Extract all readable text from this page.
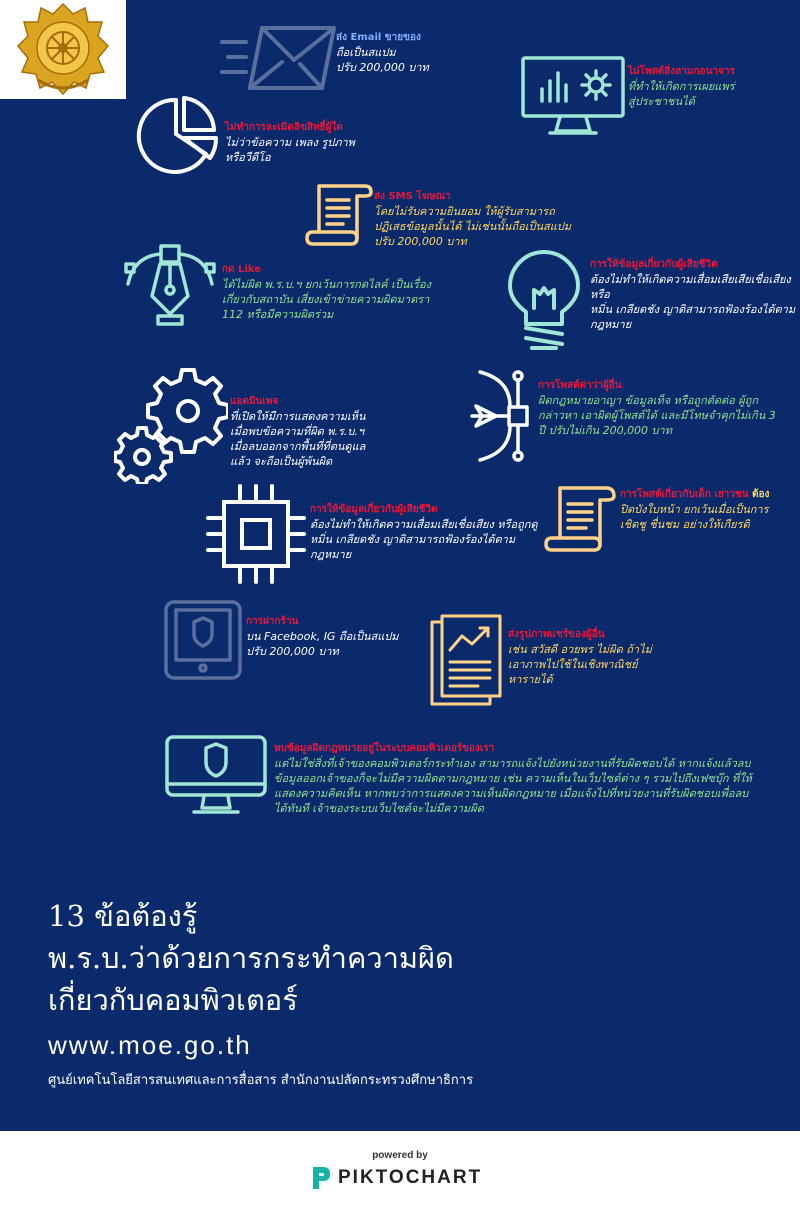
ส่ง Email ขายของ
ถือเป็นสแปม
ปรับ 200,000 บาท	ไม่โพสต์สิ่งลามกอนาจาร
ที่ทำให้เกิดการเผยแพร่
สู่ประชาชนได้
ไม่ทำการละเมิดลิขสิทธิ์ผู้ใด
ไม่ว่าข้อความ เพลง รูปภาพ
หรือวีดีโอ
ส่ง SMS โฆษณา
โดยไม่รับความยินยอม ให้ผู้รับสามารถ
ปฏิเสธข้อมูลนั้นได้ ไม่เช่นนั้นถือเป็นสแปม
ปรับ 200,000 บาท
กด Like
ได้ไม่ผิด พ.ร.บ.ฯ ยกเว้นการกดไลค์ เป็นเรื่อง
เกี่ยวกับสถาบัน เสี่ยงเข้าข่ายความผิดมาตรา
112 หรือมีความผิดร่วม
การให้ข้อมูลเกี่ยวกับผู้เสียชีวิต
ต้องไม่ทำให้เกิดความเสื่อมเสียเสียเชื่อเสียง หรือ
หมิ่น เกลียดชัง ญาติสามารถฟ้องร้องได้ตาม
กฎหมาย
แอดมินเพจ
ที่เปิดให้มีการแสดงความเห็น
เมื่อพบข้อความที่ผิด พ.ร.บ.ฯ
เมื่อลบออกจากพื้นที่ที่ตนดูแล
แล้ว จะถือเป็นผู้พ้นผิด
การโพสต์ด่าว่าผู้อื่น
ผิดกฎหมายอาญา ข้อมูลเท็จ หรือถูกตัดต่อ ผู้ถูก
กล่าวหา เอาผิดผู้โพสต์ได้ และมีโทษจำคุกไม่เกิน 3
ปี ปรับไม่เกิน 200,000 บาท
การให้ข้อมูลเกี่ยวกับผู้เสียชีวิต
ต้องไม่ทำให้เกิดความเสื่อมเสียเชื่อเสียง หรือถูกดู
หมิ่น เกลียดชัง ญาติสามารถฟ้องร้องได้ตาม
กฎหมาย
การโพสต์เกี่ยวกับเด็ก เยาวชน ต้อง
ปิดบังใบหน้า ยกเว้นเมื่อเป็นการ
เชิดชู ชื่นชม อย่างให้เกียรติ
การฝากร้าน
บน Facebook, IG ถือเป็นสแปม
ปรับ 200,000 บาท
ส่งรูปภาพแชร์ของผู้อื่น
เช่น สวัสดี อวยพร ไม่ผิด ถ้าไม่
เอาภาพไปใช้ในเชิงพาณิชย์
หารายได้
พบข้อมูลผิดกฎหมายอยู่ในระบบคอมพิวเตอร์ของเรา
แต่ไม่ใช่สิ่งที่เจ้าของคอมพิวเตอร์กระทำเอง สามารถแจ้งไปยังหน่วยงานที่รับผิดชอบได้ หากแจ้งแล้วลบ
ข้อมูลออกเจ้าของก็จะไม่มีความผิดตามกฎหมาย เช่น ความเห็นในเว็บไซต์ต่าง ๆ รวมไปถึงเฟซบุ๊ก ที่ให้
แสดงความคิดเห็น หากพบว่าการแสดงความเห็นผิดกฎหมาย เมื่อแจ้งไปที่หน่วยงานที่รับผิดชอบเพื่อลบ
ได้ทันที เจ้าของระบบเว็บไซต์จะไม่มีความผิด
13 ข้อต้องรู้
พ.ร.บ.ว่าด้วยการกระทำความผิด
เกี่ยวกับคอมพิวเตอร์
www.moe.go.th
ศูนย์เทคโนโลยีสารสนเทศและการสื่อสาร สำนักงานปลัดกระทรวงศึกษาธิการ
powered by
PIKTOCHART
